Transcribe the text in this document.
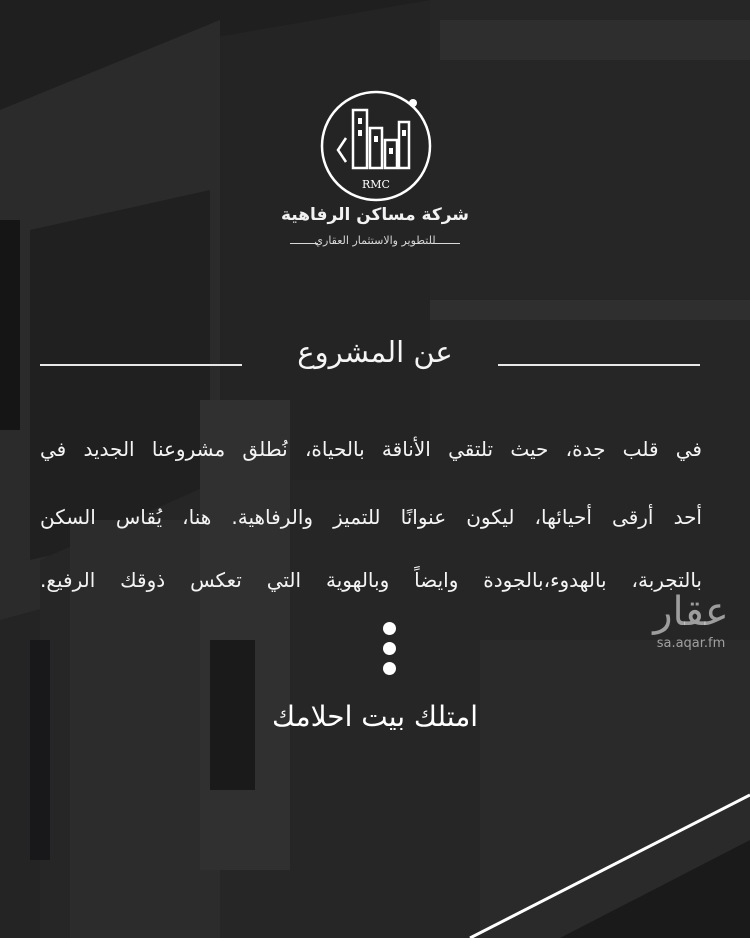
RMC
شركة مساكن الرفاهية
للتطوير والاستثمار العقاري
عن المشروع
في قلب جدة، حيث تلتقي الأناقة بالحياة، نُطلق مشروعنا الجديد في
أحد أرقى أحيائها، ليكون عنوانًا للتميز والرفاهية. هنا، يُقاس السكن
بالتجربة، بالهدوء،بالجودة وايضاً وبالهوية التي تعكس ذوقك الرفيع.
امتلك بيت احلامك
عقار
sa.aqar.fm
